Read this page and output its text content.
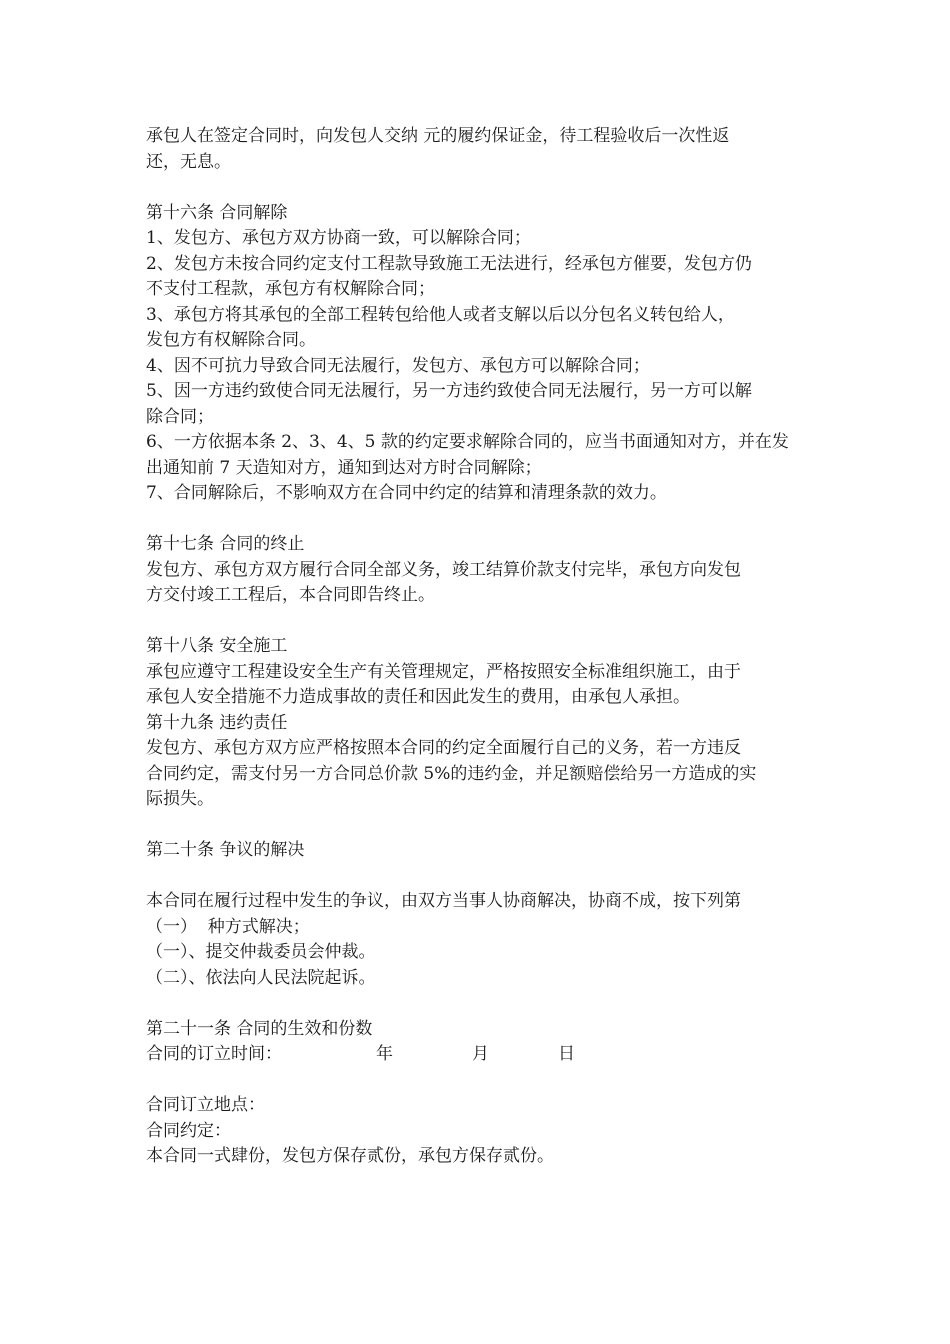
承包人在签定合同时，向发包人交纳 元的履约保证金，待工程验收后一次性返
还，无息。
第十六条 合同解除
1、发包方、承包方双方协商一致，可以解除合同；
2、发包方未按合同约定支付工程款导致施工无法进行，经承包方催要，发包方仍
不支付工程款，承包方有权解除合同；
3、承包方将其承包的全部工程转包给他人或者支解以后以分包名义转包给人，
发包方有权解除合同。
4、因不可抗力导致合同无法履行，发包方、承包方可以解除合同；
5、因一方违约致使合同无法履行，另一方违约致使合同无法履行，另一方可以解
除合同；
6、一方依据本条 2、3、4、5 款的约定要求解除合同的，应当书面通知对方，并在发
出通知前 7 天造知对方，通知到达对方时合同解除；
7、合同解除后，不影响双方在合同中约定的结算和清理条款的效力。
第十七条 合同的终止
发包方、承包方双方履行合同全部义务，竣工结算价款支付完毕，承包方向发包
方交付竣工工程后，本合同即告终止。
第十八条 安全施工
承包应遵守工程建设安全生产有关管理规定，严格按照安全标准组织施工，由于
承包人安全措施不力造成事故的责任和因此发生的费用，由承包人承担。
第十九条 违约责任
发包方、承包方双方应严格按照本合同的约定全面履行自己的义务，若一方违反
合同约定，需支付另一方合同总价款 5%的违约金，并足额赔偿给另一方造成的实
际损失。
第二十条 争议的解决
本合同在履行过程中发生的争议，由双方当事人协商解决，协商不成，按下列第
（一）  种方式解决；
（一）、提交仲裁委员会仲裁。
（二）、依法向人民法院起诉。
第二十一条 合同的生效和份数
合同的订立时间：	年	月	日
合同订立地点：
合同约定：
本合同一式肆份，发包方保存贰份，承包方保存贰份。
